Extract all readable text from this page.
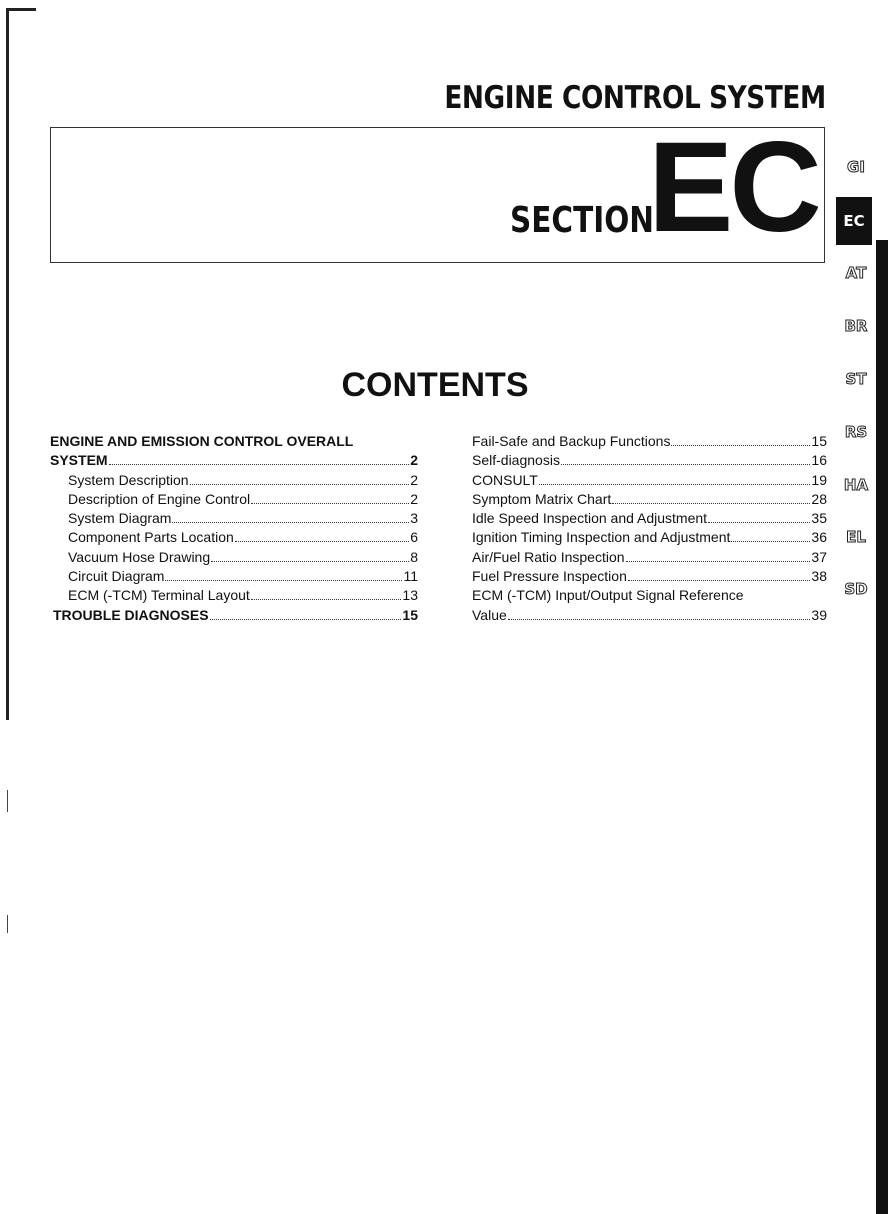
ENGINE CONTROL SYSTEM
SECTION
EC	GI
EC
AT
BR
ST
RS
HA
EL
SD
CONTENTS
ENGINE AND EMISSION CONTROL OVERALL
SYSTEM	2
System Description	2
Description of Engine Control	2
System Diagram	3
Component Parts Location	6
Vacuum Hose Drawing	8
Circuit Diagram	11
ECM (-TCM) Terminal Layout	13
TROUBLE DIAGNOSES	15
Fail-Safe and Backup Functions	15
Self-diagnosis	16
CONSULT	19
Symptom Matrix Chart	28
Idle Speed Inspection and Adjustment	35
Ignition Timing Inspection and Adjustment	36
Air/Fuel Ratio Inspection	37
Fuel Pressure Inspection	38
ECM (-TCM) Input/Output Signal Reference
Value	39
